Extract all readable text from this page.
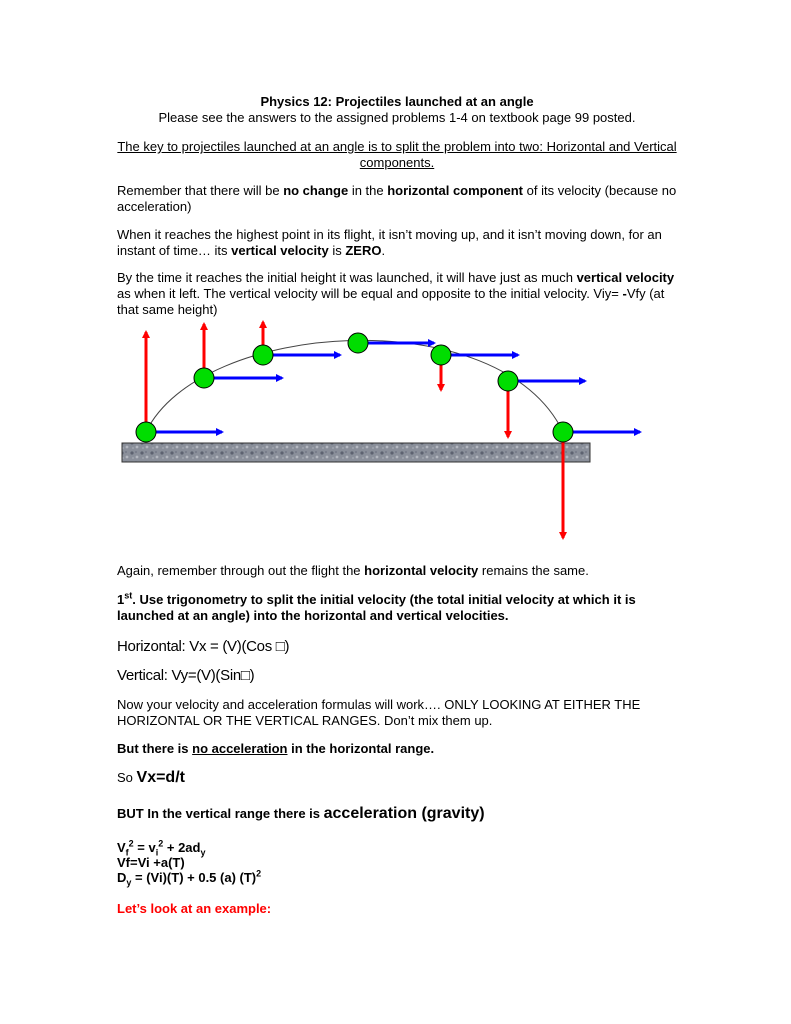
Physics 12: Projectiles launched at an angle
Please see the answers to the assigned problems 1-4 on textbook page 99 posted.
The key to projectiles launched at an angle is to split the problem into two: Horizontal and Vertical components.
Remember that there will be no change in the horizontal component of its velocity (because no acceleration)
When it reaches the highest point in its flight, it isn’t moving up, and it isn’t moving down, for an instant of time… its vertical velocity is ZERO.
By the time it reaches the initial height it was launched, it will have just as much vertical velocity as when it left. The vertical velocity will be equal and opposite to the initial velocity. Viy= -Vfy (at that same height)
Again, remember through out the flight the horizontal velocity remains the same.
1st. Use trigonometry to split the initial velocity (the total initial velocity at which it is launched at an angle) into the horizontal and vertical velocities.
Horizontal: Vx = (V)(Cos □)
Vertical: Vy=(V)(Sin□)
Now your velocity and acceleration formulas will work…. ONLY LOOKING AT EITHER THE HORIZONTAL OR THE VERTICAL RANGES. Don’t mix them up.
But there is no acceleration in the horizontal range.
So Vx=d/t
BUT In the vertical range there is acceleration (gravity)
$V_f^2 = v_i^2 + 2ad_y$
Vf=Vi +a(T)
$D_y = (Vi)(T) + 0.5$ (a) $(T)^2$
Let’s look at an example:
